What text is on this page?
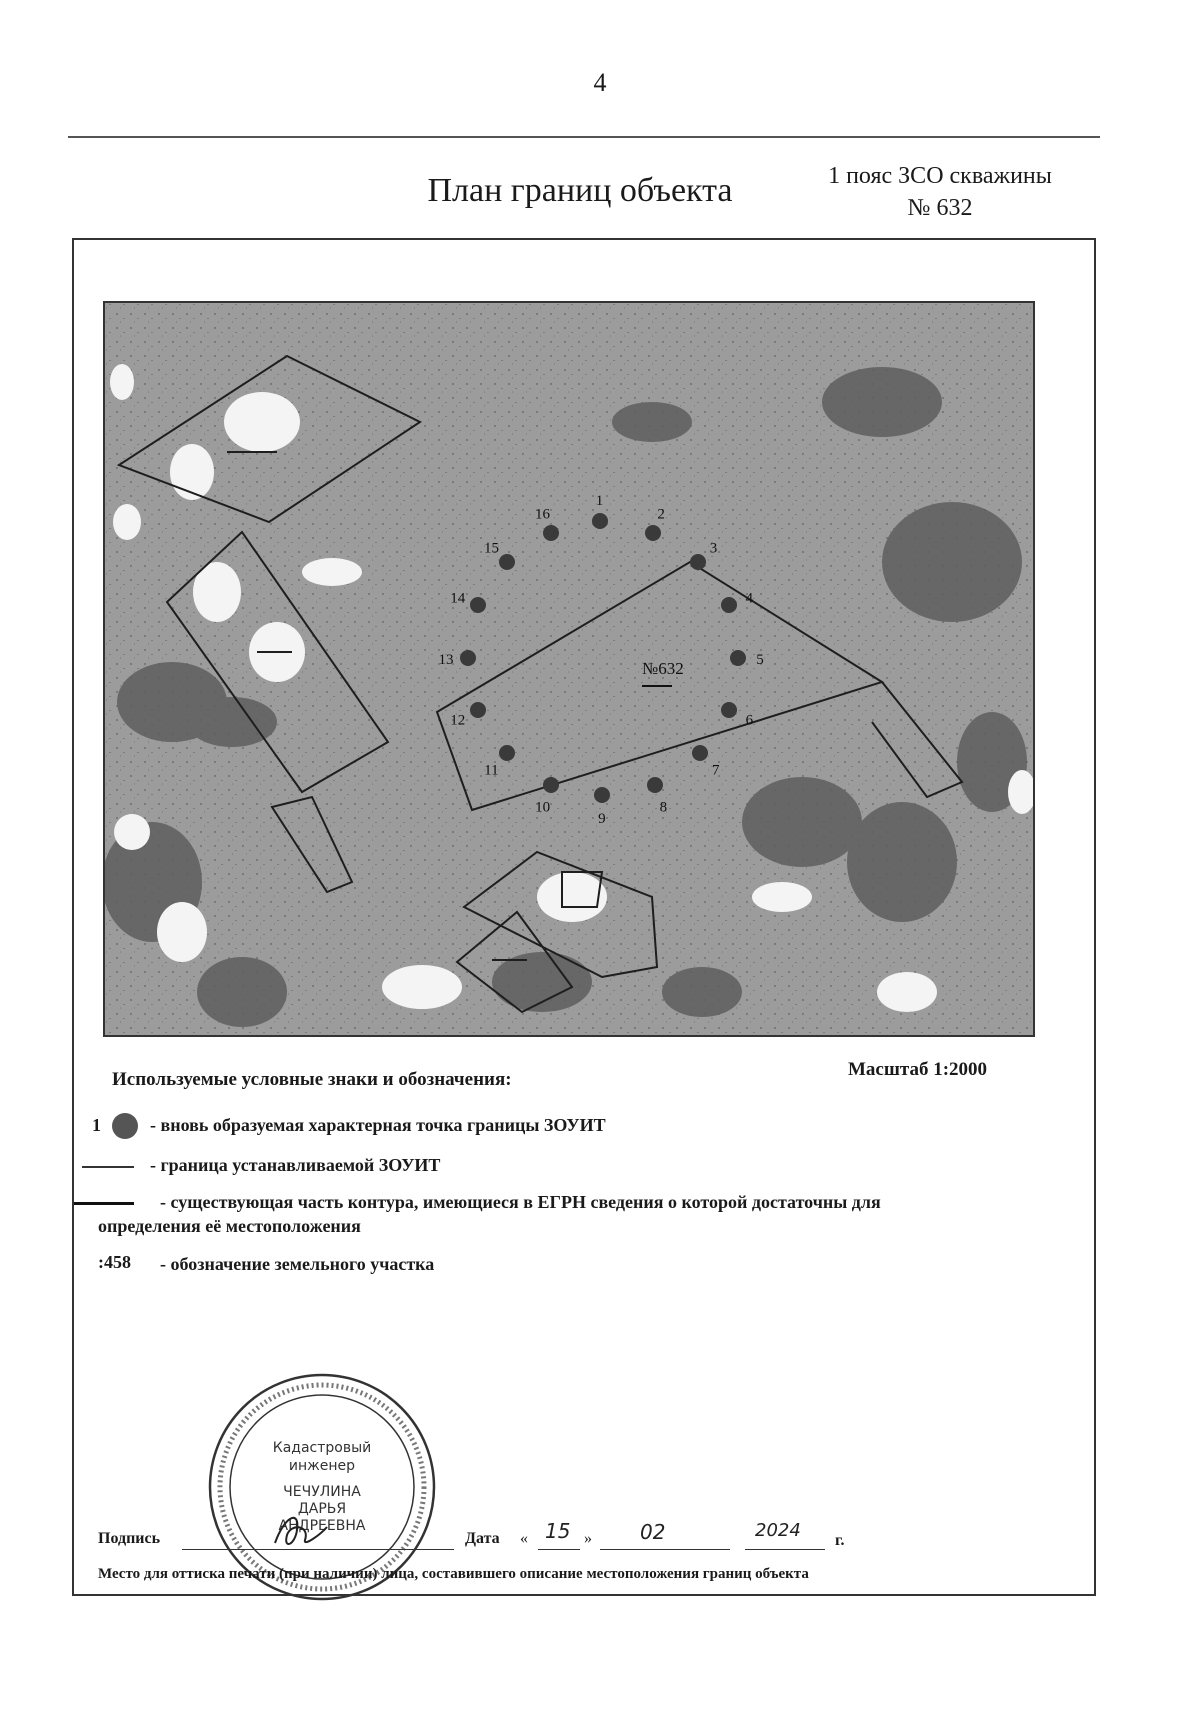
4
План границ объекта	1 пояс ЗСО скважины
№ 632
№632
1
2
3
4
5
6
7
8
9
10
11
12
13
14
15
16
Используемые условные знаки и обозначения:	Масштаб 1:2000
1	- вновь образуемая характерная точка границы ЗОУИТ
- граница устанавливаемой ЗОУИТ
- существующая часть контура, имеющиеся в ЕГРН сведения о которой достаточны для
определения её местоположения
:458 - обозначение земельного участка
Кадастровый
инженер
ЧЕЧУЛИНА
ДАРЬЯ
АНДРЕЕВНА
Подпись	Дата « 15 » 02	2024 г.
Место для оттиска печати (при наличии) лица, составившего описание местоположения границ объекта
